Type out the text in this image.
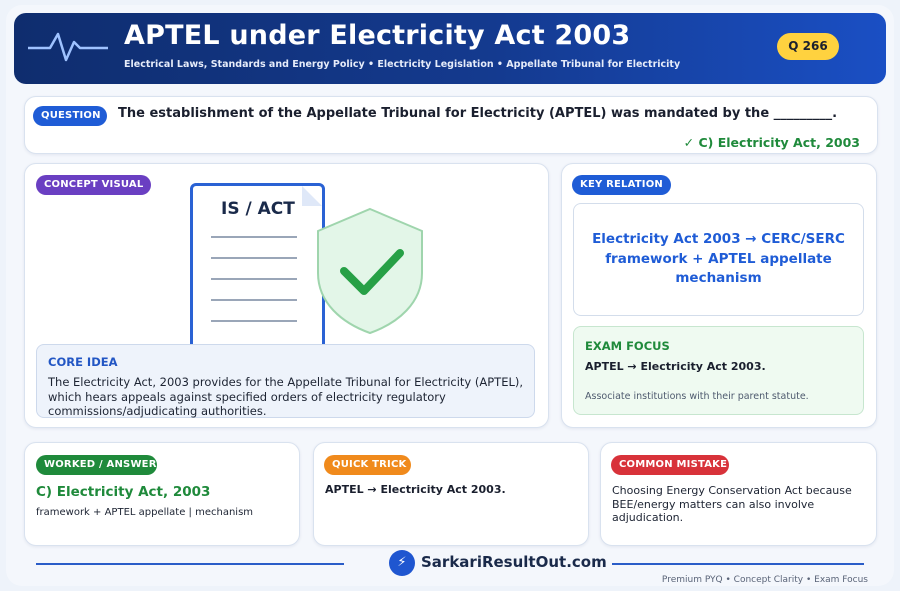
APTEL under Electricity Act 2003
Electrical Laws, Standards and Energy Policy • Electricity Legislation • Appellate Tribunal for Electricity
Q 266
QUESTION	The establishment of the Appellate Tribunal for Electricity (APTEL) was mandated by the _________.
✓ C) Electricity Act, 2003
CONCEPT VISUAL
IS / ACT
CORE IDEA
The Electricity Act, 2003 provides for the Appellate Tribunal for Electricity (APTEL), which hears appeals against specified orders of electricity regulatory commissions/adjudicating authorities.
KEY RELATION
Electricity Act 2003 → CERC/SERC framework + APTEL appellate mechanism
EXAM FOCUS
APTEL → Electricity Act 2003.
Associate institutions with their parent statute.
WORKED / ANSWER
C) Electricity Act, 2003
framework + APTEL appellate | mechanism
QUICK TRICK
APTEL → Electricity Act 2003.
COMMON MISTAKE
Choosing Energy Conservation Act because BEE/energy matters can also involve adjudication.
⚡ SarkariResultOut.com
Premium PYQ • Concept Clarity • Exam Focus
